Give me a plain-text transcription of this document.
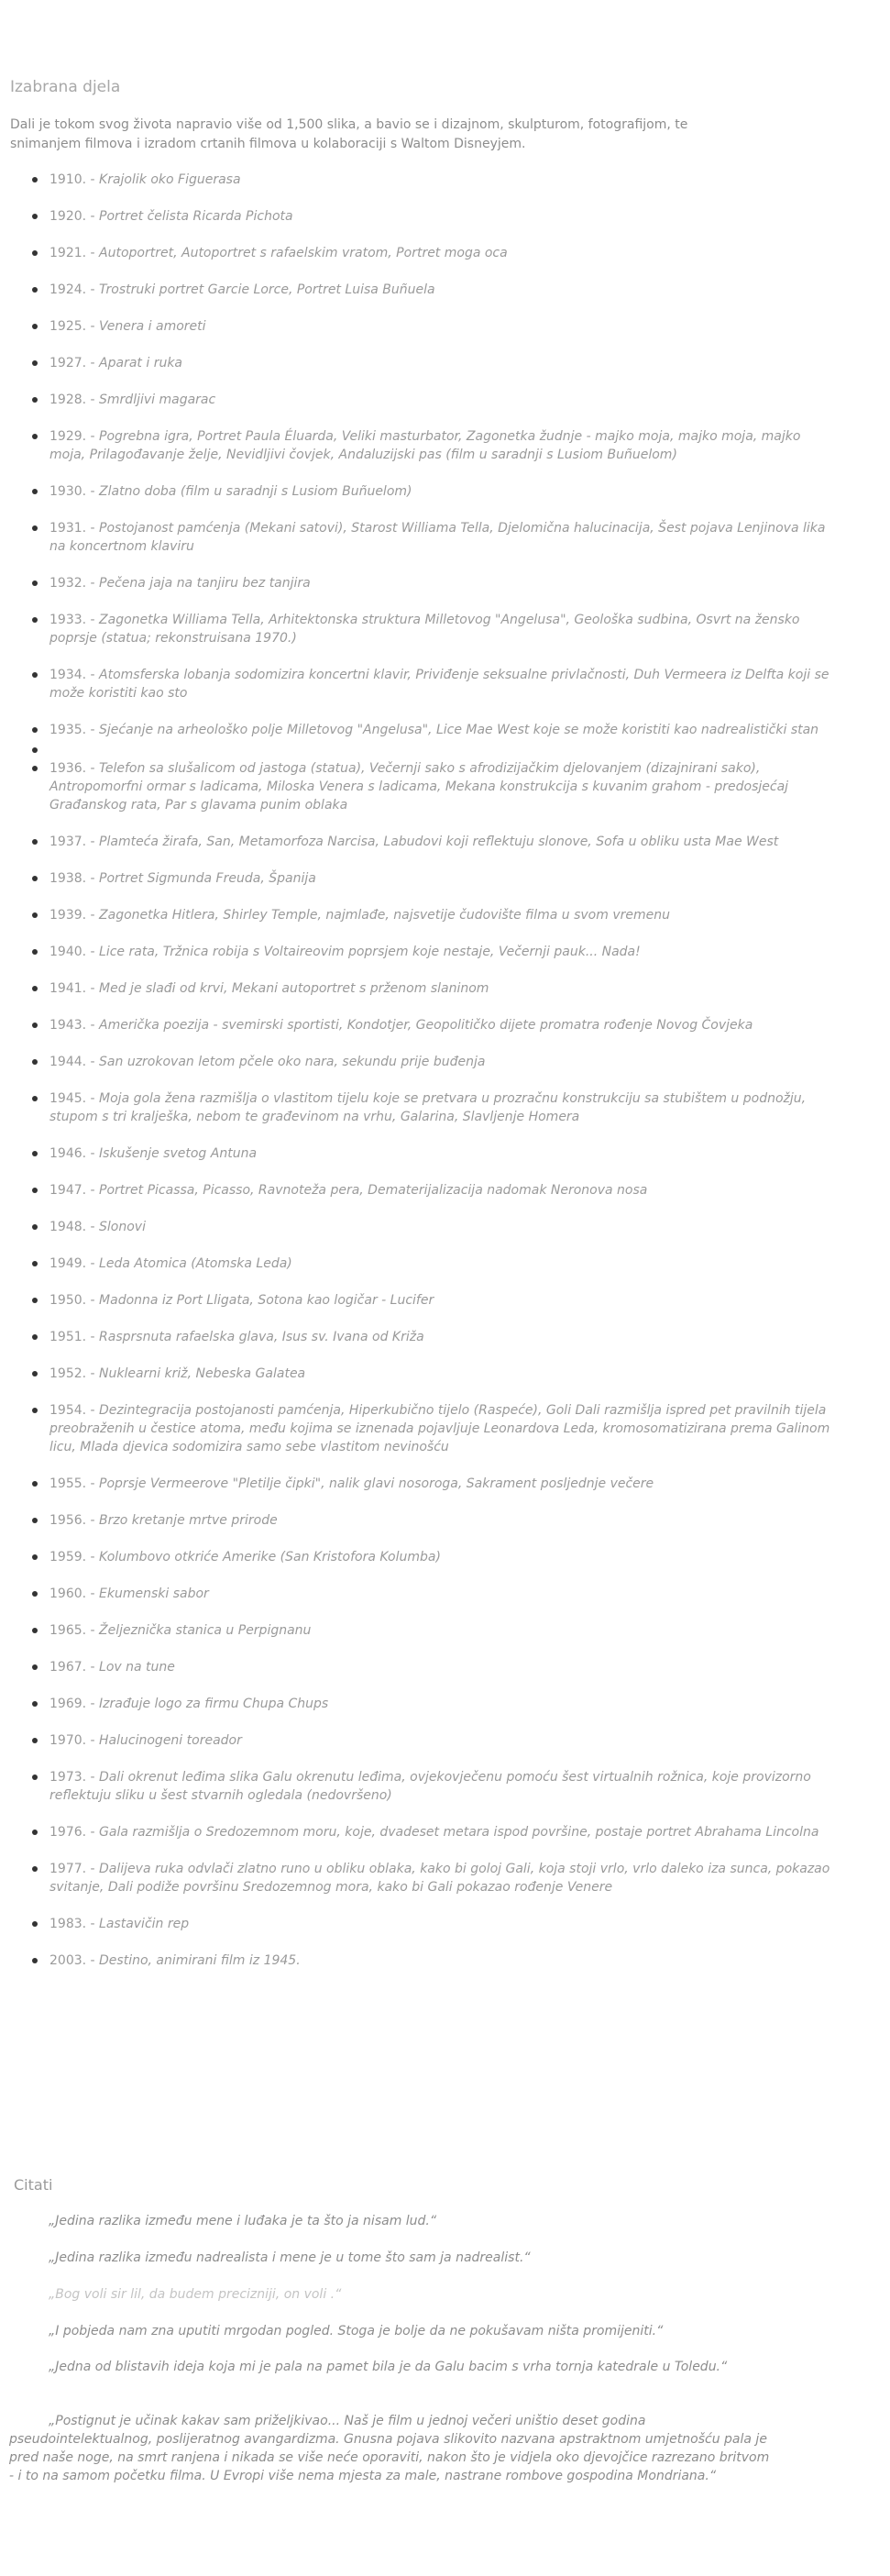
Izabrana djela

Dali je tokom svog života napravio više od 1,500 slika, a bavio se i dizajnom, skulpturom, fotografijom, te snimanjem filmova i izradom crtanih filmova u kolaboraciji s Waltom Disneyjem.

1910. - Krajolik oko Figuerasa
1920. - Portret čelista Ricarda Pichota
1921. - Autoportret, Autoportret s rafaelskim vratom, Portret moga oca
1924. - Trostruki portret Garcie Lorce, Portret Luisa Buñuela
1925. - Venera i amoreti
1927. - Aparat i ruka
1928. - Smrdljivi magarac
1929. - Pogrebna igra, Portret Paula Éluarda, Veliki masturbator, Zagonetka žudnje - majko moja, majko moja, majko moja, Prilagođavanje želje, Nevidljivi čovjek, Andaluzijski pas (film u saradnji s Lusiom Buñuelom)
1930. - Zlatno doba (film u saradnji s Lusiom Buñuelom)
1931. - Postojanost pamćenja (Mekani satovi), Starost Williama Tella, Djelomična halucinacija, Šest pojava Lenjinova lika na koncertnom klaviru
1932. - Pečena jaja na tanjiru bez tanjira
1933. - Zagonetka Williama Tella, Arhitektonska struktura Milletovog "Angelusa", Geološka sudbina, Osvrt na žensko poprsje (statua; rekonstruisana 1970.)
1934. - Atomsferska lobanja sodomizira koncertni klavir, Priviđenje seksualne privlačnosti, Duh Vermeera iz Delfta koji se može koristiti kao sto
1935. - Sjećanje na arheološko polje Milletovog "Angelusa", Lice Mae West koje se može koristiti kao nadrealistički stan
1936. - Telefon sa slušalicom od jastoga (statua), Večernji sako s afrodizijačkim djelovanjem (dizajnirani sako), Antropomorfni ormar s ladicama, Miloska Venera s ladicama, Mekana konstrukcija s kuvanim grahom - predosjećaj Građanskog rata, Par s glavama punim oblaka
1937. - Plamteća žirafa, San, Metamorfoza Narcisa, Labudovi koji reflektuju slonove, Sofa u obliku usta Mae West
1938. - Portret Sigmunda Freuda, Španija
1939. - Zagonetka Hitlera, Shirley Temple, najmlađe, najsvetije čudovište filma u svom vremenu
1940. - Lice rata, Tržnica robija s Voltaireovim poprsjem koje nestaje, Večernji pauk... Nada!
1941. - Med je slađi od krvi, Mekani autoportret s prženom slaninom
1943. - Američka poezija - svemirski sportisti, Kondotjer, Geopolitičko dijete promatra rođenje Novog Čovjeka
1944. - San uzrokovan letom pčele oko nara, sekundu prije buđenja
1945. - Moja gola žena razmišlja o vlastitom tijelu koje se pretvara u prozračnu konstrukciju sa stubištem u podnožju, stupom s tri kralješka, nebom te građevinom na vrhu, Galarina, Slavljenje Homera
1946. - Iskušenje svetog Antuna
1947. - Portret Picassa, Picasso, Ravnoteža pera, Dematerijalizacija nadomak Neronova nosa
1948. - Slonovi
1949. - Leda Atomica (Atomska Leda)
1950. - Madonna iz Port Lligata, Sotona kao logičar - Lucifer
1951. - Rasprsnuta rafaelska glava, Isus sv. Ivana od Križa
1952. - Nuklearni križ, Nebeska Galatea
1954. - Dezintegracija postojanosti pamćenja, Hiperkubično tijelo (Raspeće), Goli Dali razmišlja ispred pet pravilnih tijela preobraženih u čestice atoma, među kojima se iznenada pojavljuje Leonardova Leda, kromosomatizirana prema Galinom licu, Mlada djevica sodomizira samo sebe vlastitom nevinošću
1955. - Poprsje Vermeerove "Pletilje čipki", nalik glavi nosoroga, Sakrament posljednje večere
1956. - Brzo kretanje mrtve prirode
1959. - Kolumbovo otkriće Amerike (San Kristofora Kolumba)
1960. - Ekumenski sabor
1965. - Željeznička stanica u Perpignanu
1967. - Lov na tune
1969. - Izrađuje logo za firmu Chupa Chups
1970. - Halucinogeni toreador
1973. - Dali okrenut leđima slika Galu okrenutu leđima, ovjekovječenu pomoću šest virtualnih rožnica, koje provizorno reflektuju sliku u šest stvarnih ogledala (nedovršeno)
1976. - Gala razmišlja o Sredozemnom moru, koje, dvadeset metara ispod površine, postaje portret Abrahama Lincolna
1977. - Dalijeva ruka odvlači zlatno runo u obliku oblaka, kako bi goloj Gali, koja stoji vrlo, vrlo daleko iza sunca, pokazao svitanje, Dali podiže površinu Sredozemnog mora, kako bi Gali pokazao rođenje Venere
1983. - Lastavičin rep
2003. - Destino, animirani film iz 1945.
Citati

„Jedina razlika između mene i luđaka je ta što ja nisam lud.“

„Jedina razlika između nadrealista i mene je u tome što sam ja nadrealist.“

„Bog voli sir lil, da budem precizniji, on voli .“

„I pobjeda nam zna uputiti mrgodan pogled. Stoga je bolje da ne pokušavam ništa promijeniti.“

„Jedna od blistavih ideja koja mi je pala na pamet bila je da Galu bacim s vrha tornja katedrale u Toledu.“

„Postignut je učinak kakav sam priželjkivao... Naš je film u jednoj večeri uništio deset godina pseudointelektualnog, poslijeratnog avangardizma. Gnusna pojava slikovito nazvana apstraktnom umjetnošću pala je pred naše noge, na smrt ranjena i nikada se više neće oporaviti, nakon što je vidjela oko djevojčice razrezano britvom - i to na samom početku filma. U Evropi više nema mjesta za male, nastrane rombove gospodina Mondriana.“
